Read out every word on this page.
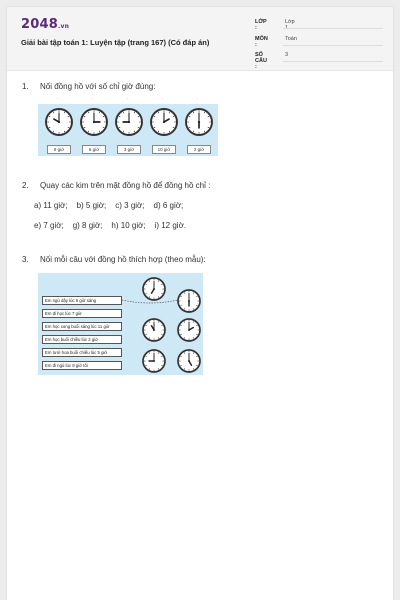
2048.vn
Giải bài tập toán 1: Luyện tập (trang 167) (Có đáp án)
LỚP :
Lớp 1
MÔN :
Toán
SỐ CÂU :
3
1. Nối đồng hồ với số chỉ giờ đúng:
·	·	·	·	·
9 giờ	6 giờ	3 giờ	10 giờ	2 giờ
2. Quay các kim trên mặt đồng hồ để đồng hồ chỉ :
a) 11 giờ; b) 5 giờ; c) 3 giờ; d) 6 giờ;
e) 7 giờ; g) 8 giờ; h) 10 giờ; i) 12 giờ.
3. Nối mỗi câu với đồng hồ thích hợp (theo mẫu):
Em ngủ dậy lúc 6 giờ sáng
Em đi học lúc 7 giờ
Em học xong buổi sáng lúc 11 giờ
Em học buổi chiều lúc 2 giờ
Em tưới hoa buổi chiều lúc 5 giờ
Em đi ngủ lúc 9 giờ tối
